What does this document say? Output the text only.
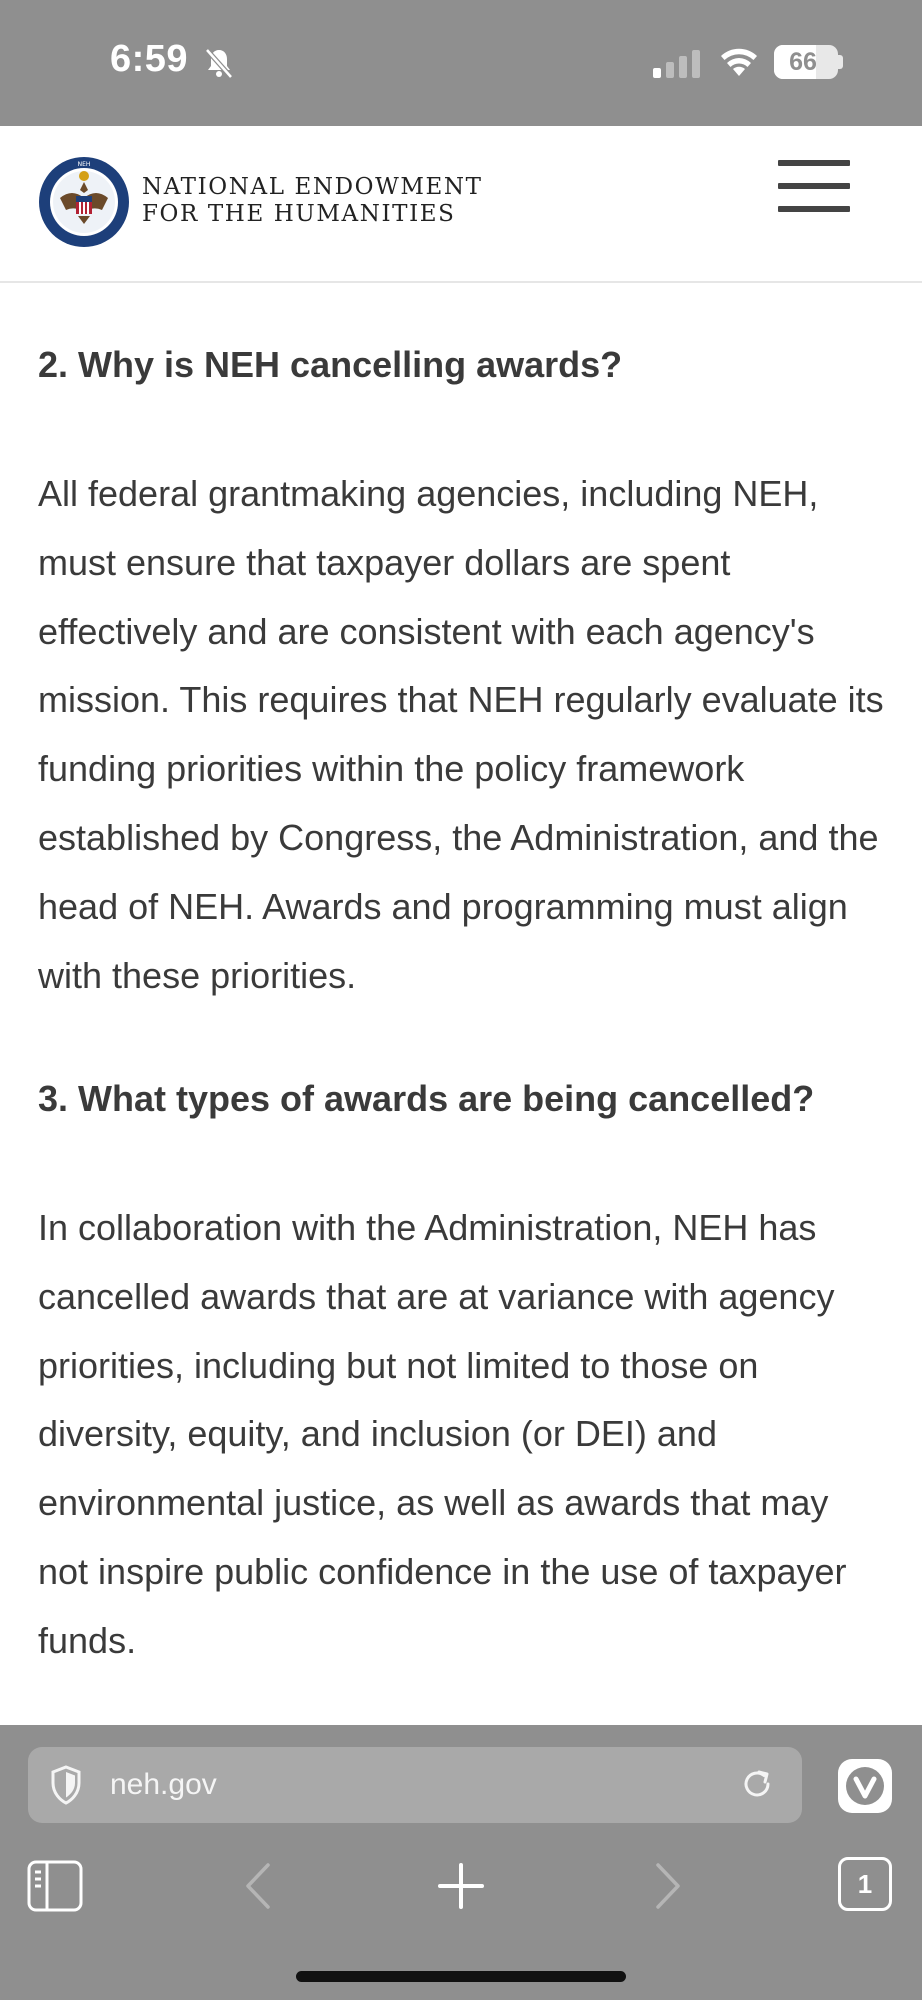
6:59	66
NEH
NATIONAL ENDOWMENT
FOR THE HUMANITIES
2. Why is NEH cancelling awards?

All federal grantmaking agencies, including NEH, must ensure that taxpayer dollars are spent effectively and are consistent with each agency's mission. This requires that NEH regularly evaluate its funding priorities within the policy framework established by Congress, the Administration, and the head of NEH. Awards and programming must align with these priorities.

3. What types of awards are being cancelled?

In collaboration with the Administration, NEH has cancelled awards that are at variance with agency priorities, including but not limited to those on diversity, equity, and inclusion (or DEI) and environmental justice, as well as awards that may not inspire public confidence in the use of taxpayer funds.

neh.gov
1
